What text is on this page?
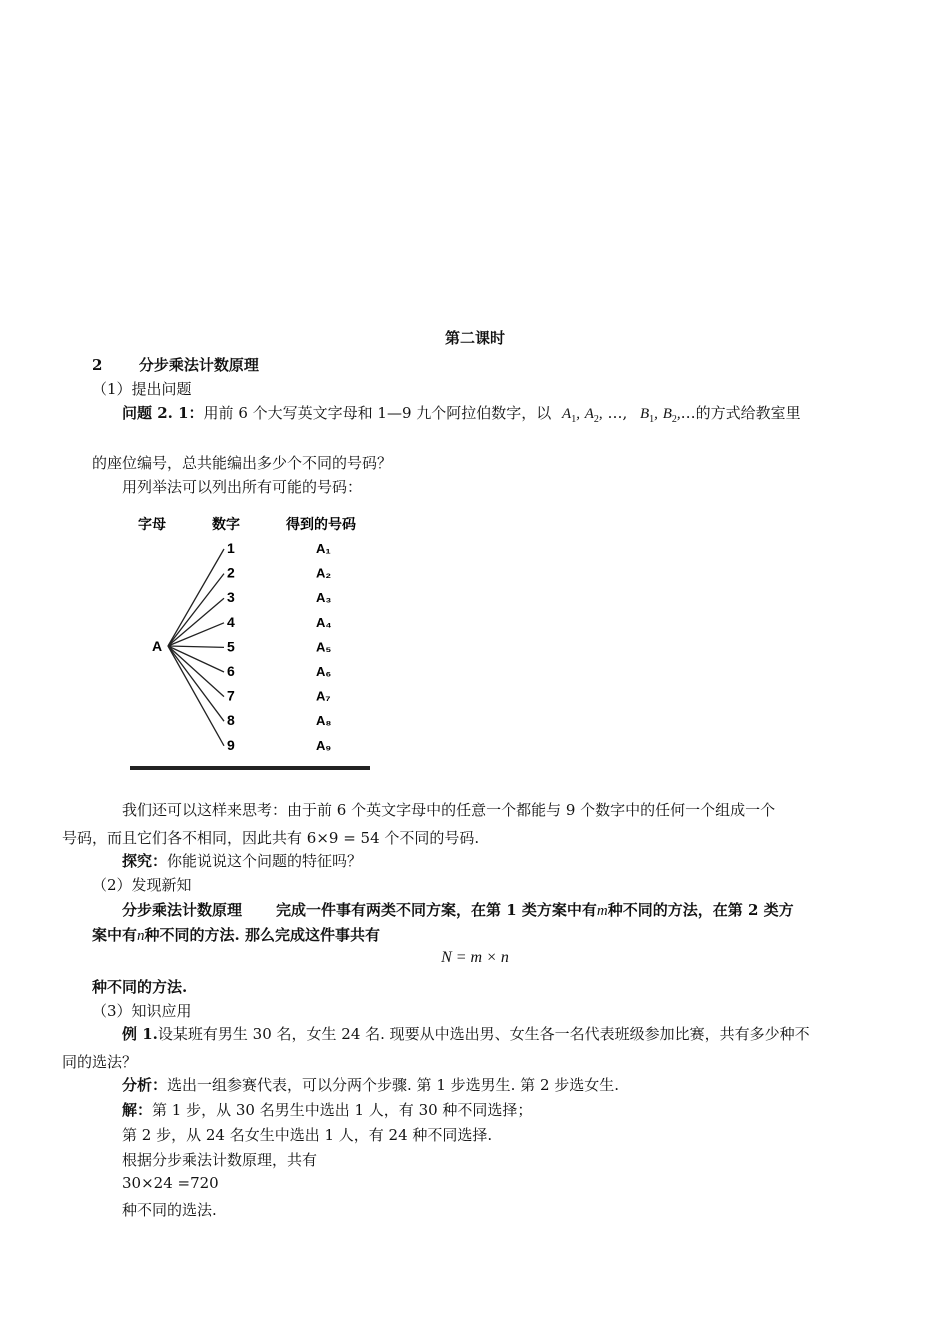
第二课时
2 分步乘法计数原理
（1）提出问题
问题 2. 1：用前 6 个大写英文字母和 1—9 九个阿拉伯数字，以 $A_1$, $A_2$, …, $B_1$, $B_2,\dots$的方式给教室里
的座位编号，总共能编出多少个不同的号码？
用列举法可以列出所有可能的号码：
字母	数字	得到的号码
A
1	A₁
2	A₂
3	A₃
4	A₄
5	A₅
6	A₆
7	A₇
8	A₈
9	A₉
我们还可以这样来思考：由于前 6 个英文字母中的任意一个都能与 9 个数字中的任何一个组成一个
号码，而且它们各不相同，因此共有 6×9 = 54 个不同的号码.
探究：你能说说这个问题的特征吗？
（2）发现新知
分步乘法计数原理 完成一件事有两类不同方案，在第 1 类方案中有m种不同的方法，在第 2 类方
案中有n种不同的方法. 那么完成这件事共有
N = m × n
种不同的方法.
（3）知识应用
例 1.设某班有男生 30 名，女生 24 名. 现要从中选出男、女生各一名代表班级参加比赛，共有多少种不
同的选法？
分析：选出一组参赛代表，可以分两个步骤. 第 1 步选男生. 第 2 步选女生.
解：第 1 步，从 30 名男生中选出 1 人，有 30 种不同选择；
第 2 步，从 24 名女生中选出 1 人，有 24 种不同选择.
根据分步乘法计数原理，共有
30×24 =720
种不同的选法.
